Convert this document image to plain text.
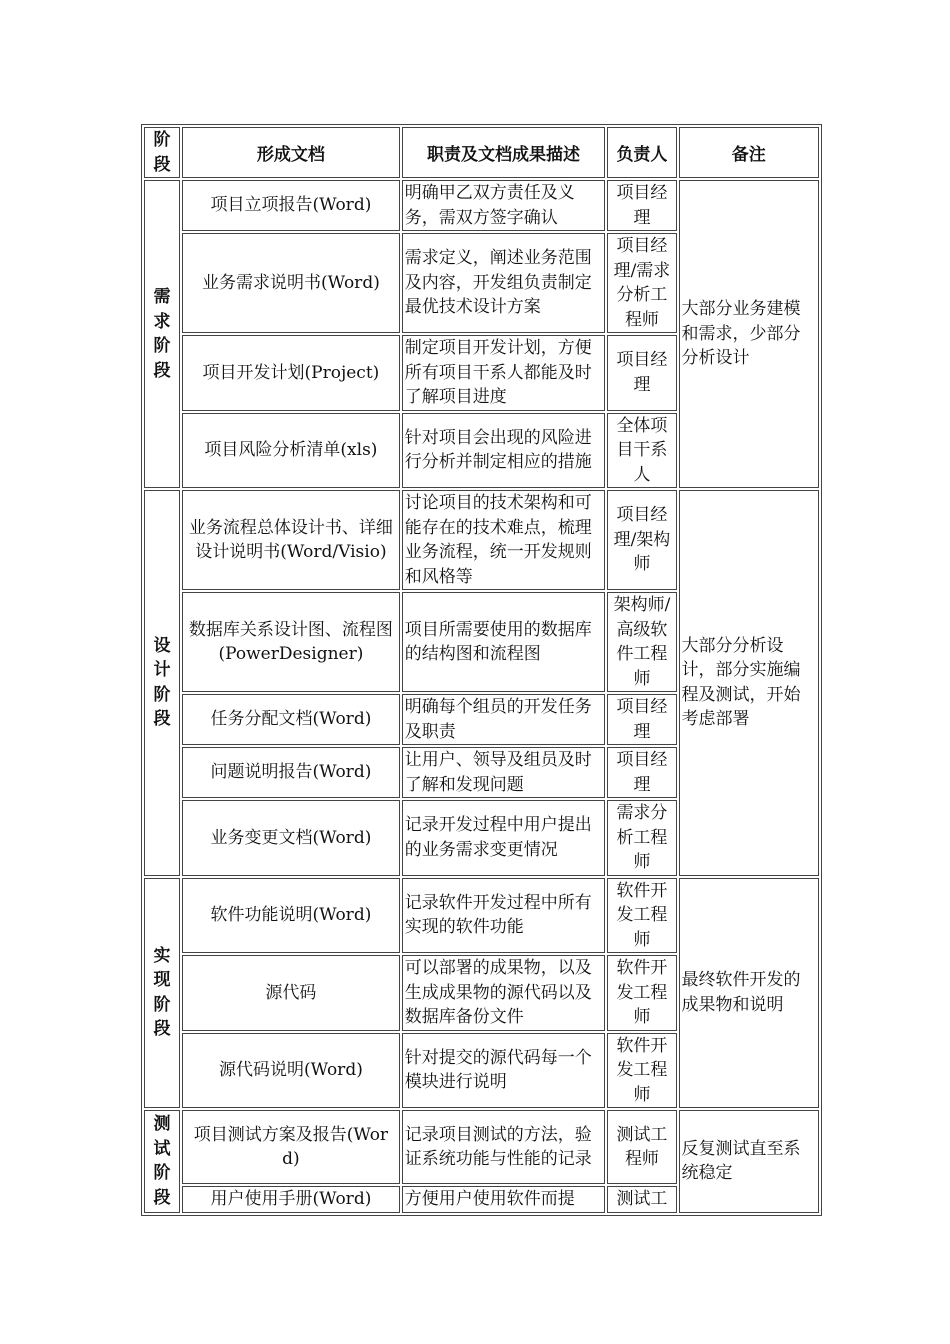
阶段	形成文档	职责及文档成果描述	负责人	备注
需求阶段	项目立项报告(Word)	明确甲乙双方责任及义务，需双方签字确认	项目经理	大部分业务建模和需求，少部分分析设计
	业务需求说明书(Word)	需求定义，阐述业务范围及内容，开发组负责制定最优技术设计方案	项目经理/需求分析工程师	
	项目开发计划(Project)	制定项目开发计划，方便所有项目干系人都能及时了解项目进度	项目经理	
	项目风险分析清单(xls)	针对项目会出现的风险进行分析并制定相应的措施	全体项目干系人	
设计阶段	业务流程总体设计书、详细设计说明书(Word/Visio)	讨论项目的技术架构和可能存在的技术难点，梳理业务流程，统一开发规则和风格等	项目经理/架构师	大部分分析设计，部分实施编程及测试，开始考虑部署
	数据库关系设计图、流程图(PowerDesigner)	项目所需要使用的数据库的结构图和流程图	架构师/高级软件工程师	
	任务分配文档(Word)	明确每个组员的开发任务及职责	项目经理	
	问题说明报告(Word)	让用户、领导及组员及时了解和发现问题	项目经理	
	业务变更文档(Word)	记录开发过程中用户提出的业务需求变更情况	需求分析工程师	
实现阶段	软件功能说明(Word)	记录软件开发过程中所有实现的软件功能	软件开发工程师	最终软件开发的成果物和说明
	源代码	可以部署的成果物，以及生成成果物的源代码以及数据库备份文件	软件开发工程师	
	源代码说明(Word)	针对提交的源代码每一个模块进行说明	软件开发工程师	
测试阶段	项目测试方案及报告(Word)	记录项目测试的方法，验证系统功能与性能的记录	测试工程师	反复测试直至系统稳定
	用户使用手册(Word)	方便用户使用软件而提	测试工	
